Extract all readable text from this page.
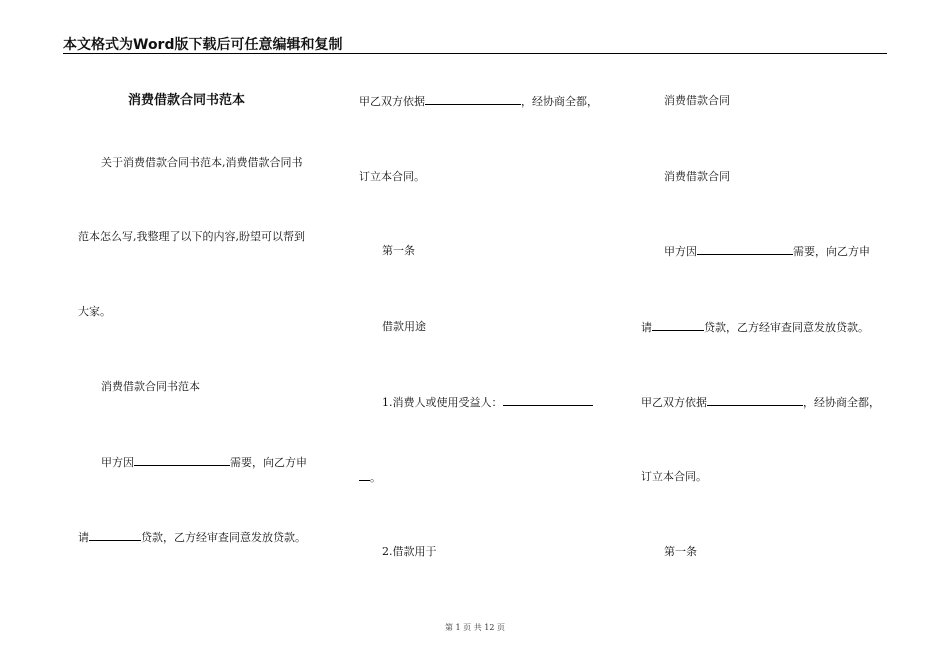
本文格式为Word版下载后可任意编辑和复制
消费借款合同书范本
关于消费借款合同书范本,消费借款合同书
范本怎么写,我整理了以下的内容,盼望可以帮到
大家。
消费借款合同书范本
甲方因	需要，向乙方申
请	贷款，乙方经审查同意发放贷款。
甲乙双方依据	，经协商全都，
订立本合同。
第一条
借款用途
1.消费人或使用受益人：
。
2.借款用于
消费借款合同
消费借款合同
甲方因	需要，向乙方申
请	贷款，乙方经审查同意发放贷款。
甲乙双方依据	，经协商全都，
订立本合同。
第一条
第 1 页 共 12 页
